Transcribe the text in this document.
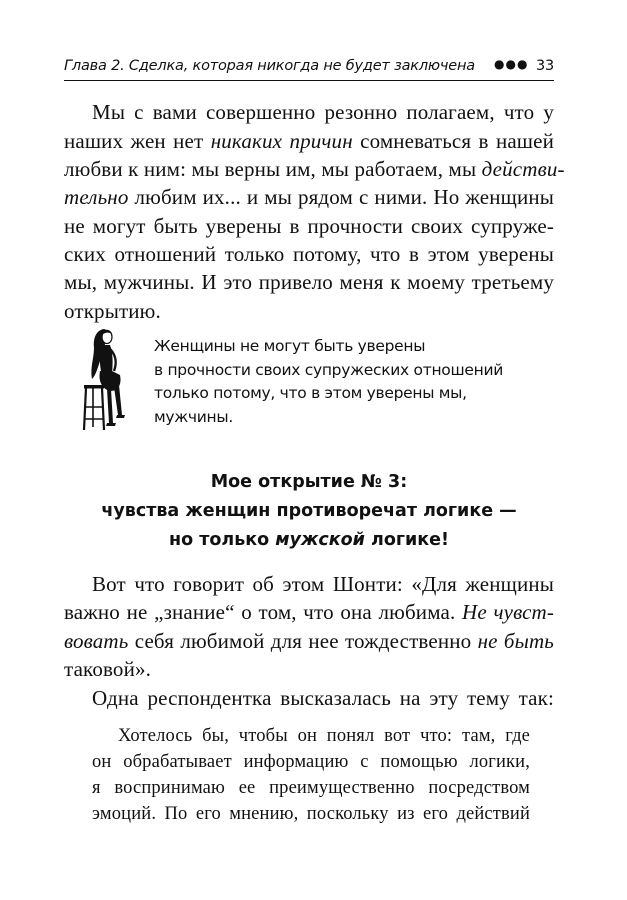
Глава 2. Сделка, которая никогда не будет заключена ●●● 33
Мы с вами совершенно резонно полагаем, что у
наших жен нет никаких причин сомневаться в нашей
любви к ним: мы верны им, мы работаем, мы действи-
тельно любим их... и мы рядом с ними. Но женщины
не могут быть уверены в прочности своих супруже-
ских отношений только потому, что в этом уверены
мы, мужчины. И это привело меня к моему третьему
открытию.
Женщины не могут быть уверены
в прочности своих супружеских отношений
только потому, что в этом уверены мы,
мужчины.
Мое открытие № 3:
чувства женщин противоречат логике —
но только мужской логике!
Вот что говорит об этом Шонти: «Для женщины
важно не „знание“ о том, что она любима. Не чувст-
вовать себя любимой для нее тождественно не быть
таковой».
Одна респондентка высказалась на эту тему так:
Хотелось бы, чтобы он понял вот что: там, где
он обрабатывает информацию с помощью логики,
я воспринимаю ее преимущественно посредством
эмоций. По его мнению, поскольку из его действий
